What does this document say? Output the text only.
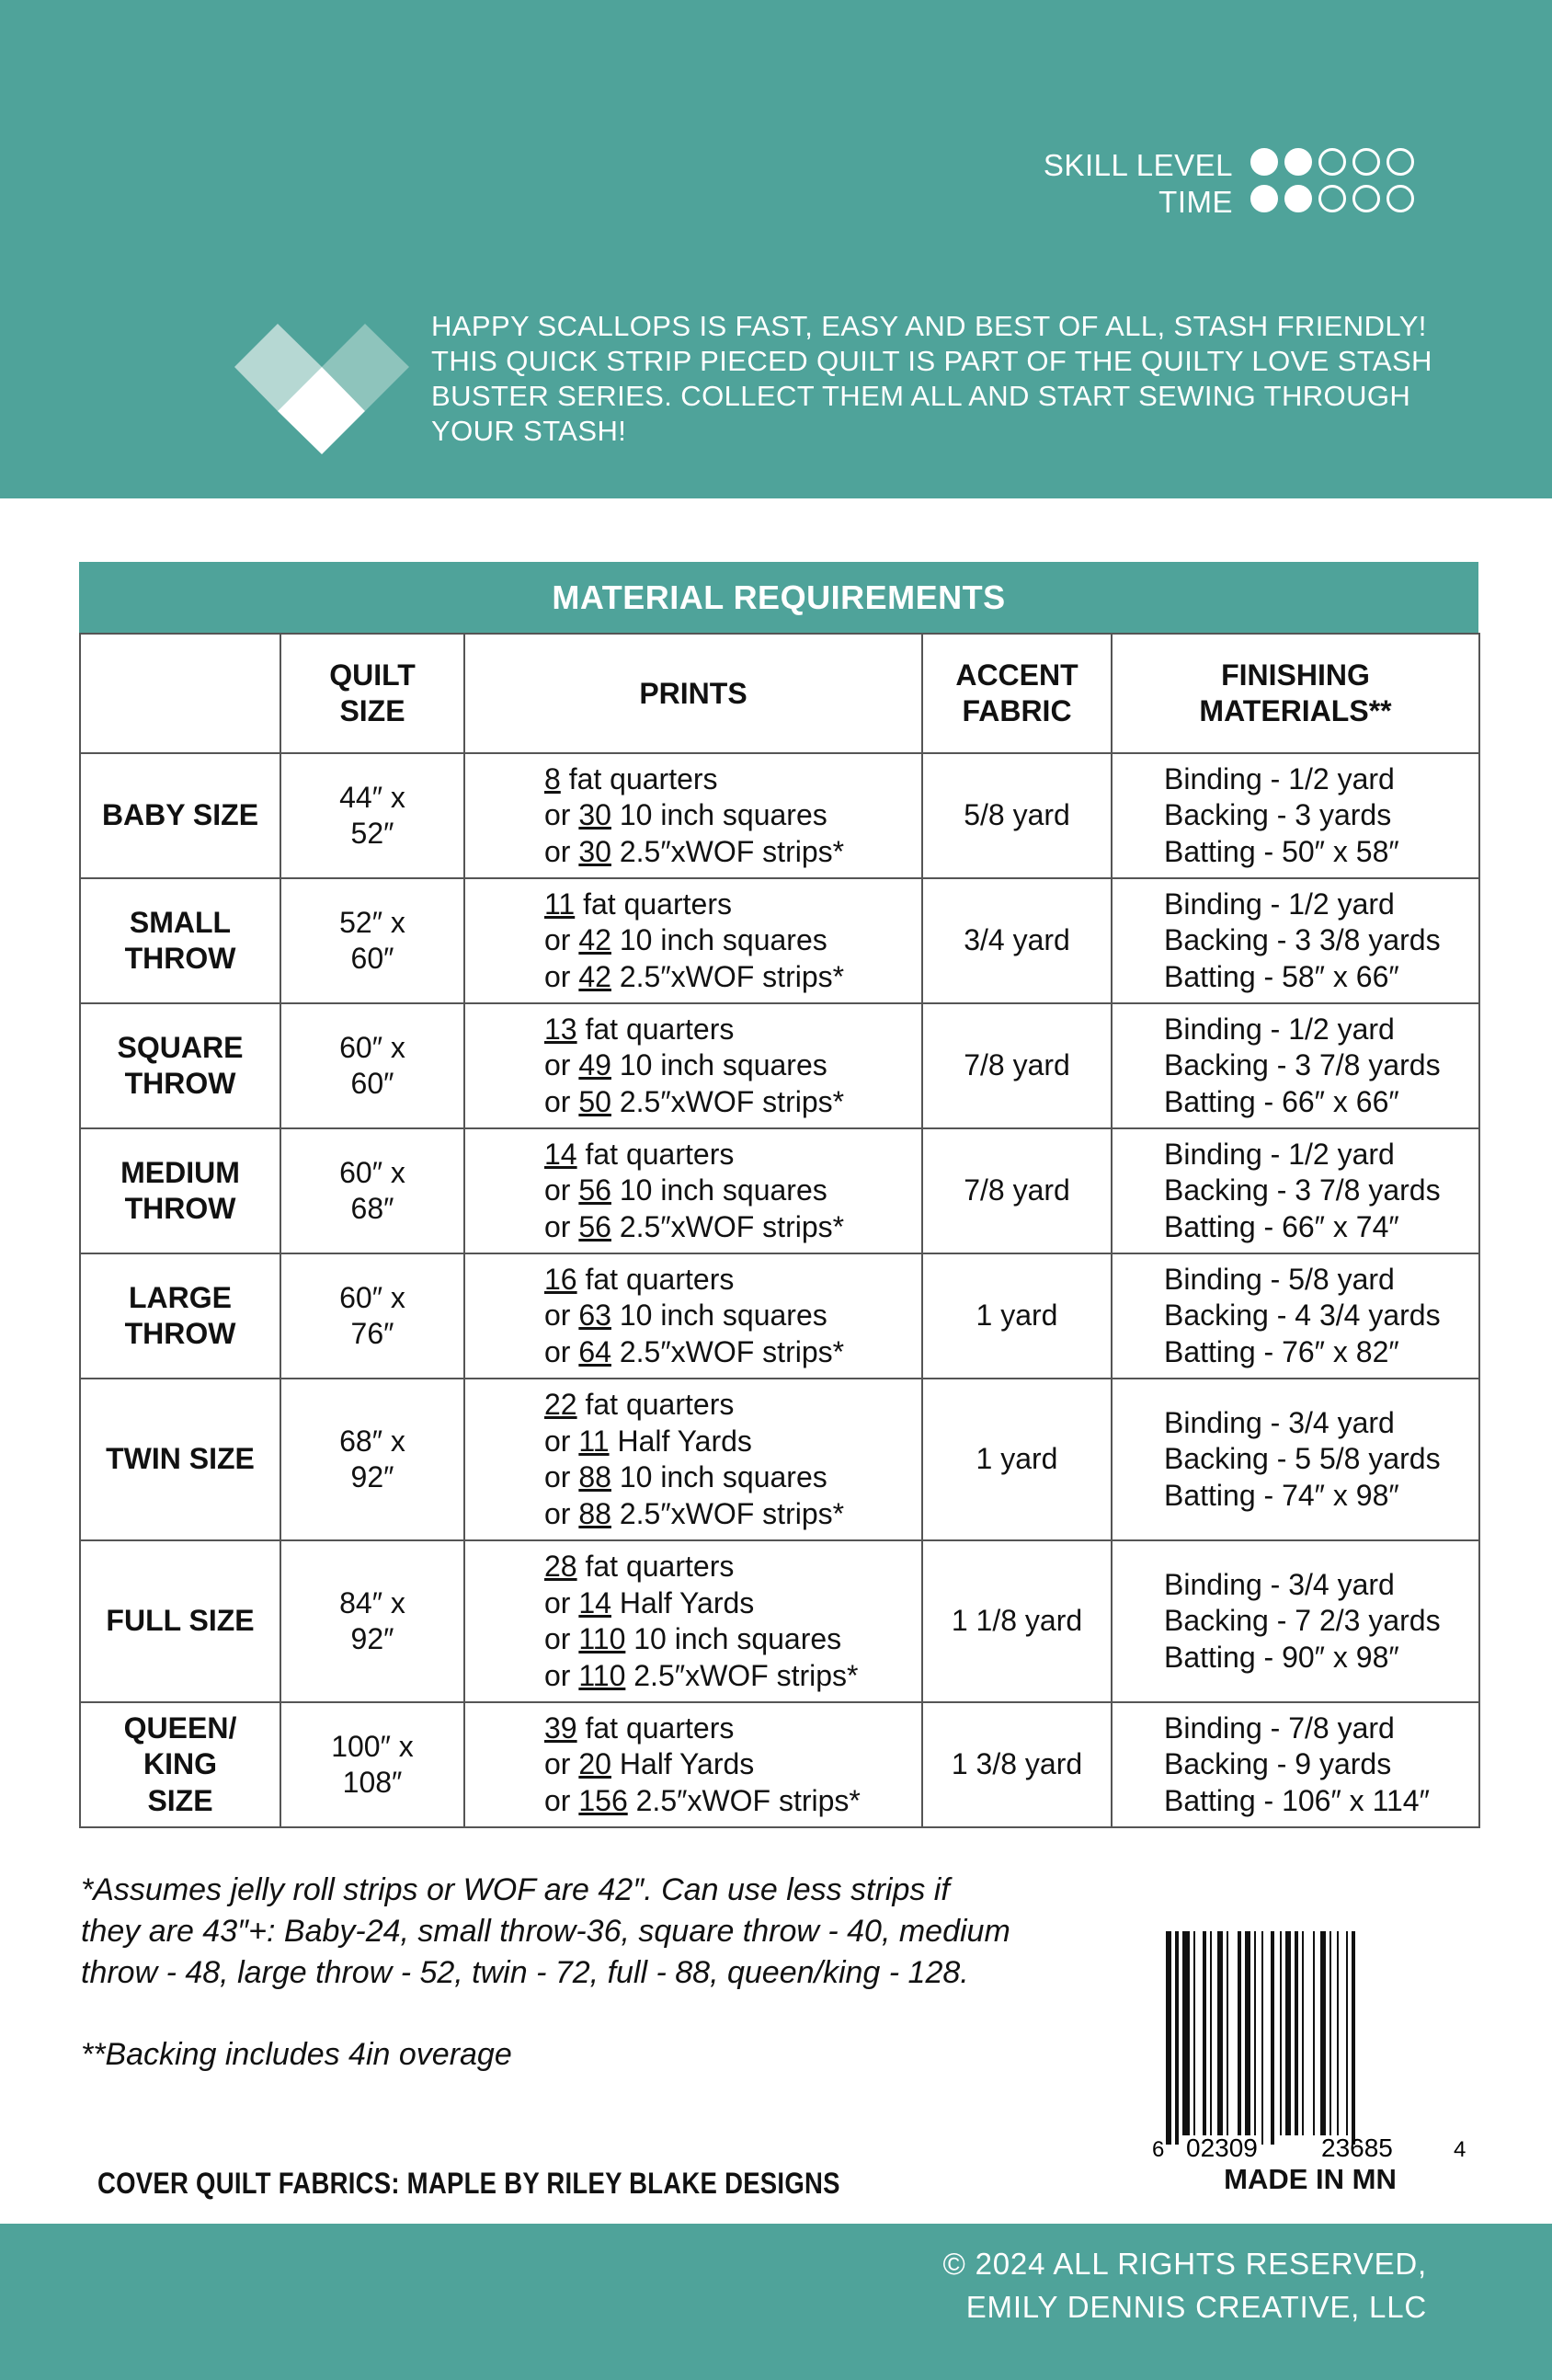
SKILL LEVEL
TIME
HAPPY SCALLOPS IS FAST, EASY AND BEST OF ALL, STASH FRIENDLY!
THIS QUICK STRIP PIECED QUILT IS PART OF THE QUILTY LOVE STASH
BUSTER SERIES. COLLECT THEM ALL AND START SEWING THROUGH
YOUR STASH!
MATERIAL REQUIREMENTS
	QUILT SIZE	PRINTS	ACCENT FABRIC	FINISHING MATERIALS**
BABY SIZE	44″ x 52″	8 fat quarters
or 30 10 inch squares
or 30 2.5″xWOF strips*	5/8 yard	Binding - 1/2 yard
Backing - 3 yards
Batting - 50″ x 58″

SMALL THROW	52″ x 60″	11 fat quarters
or 42 10 inch squares
or 42 2.5″xWOF strips*	3/4 yard	Binding - 1/2 yard
Backing - 3 3/8 yards
Batting - 58″ x 66″

SQUARE THROW	60″ x 60″	13 fat quarters
or 49 10 inch squares
or 50 2.5″xWOF strips*	7/8 yard	Binding - 1/2 yard
Backing - 3 7/8 yards
Batting - 66″ x 66″

MEDIUM THROW	60″ x 68″	14 fat quarters
or 56 10 inch squares
or 56 2.5″xWOF strips*	7/8 yard	Binding - 1/2 yard
Backing - 3 7/8 yards
Batting - 66″ x 74″

LARGE THROW	60″ x 76″	16 fat quarters
or 63 10 inch squares
or 64 2.5″xWOF strips*	1 yard	Binding - 5/8 yard
Backing - 4 3/4 yards
Batting - 76″ x 82″

TWIN SIZE	68″ x 92″	22 fat quarters
or 11 Half Yards
or 88 10 inch squares
or 88 2.5″xWOF strips*	1 yard	Binding - 3/4 yard
Backing - 5 5/8 yards
Batting - 74″ x 98″

FULL SIZE	84″ x 92″	28 fat quarters
or 14 Half Yards
or 110 10 inch squares
or 110 2.5″xWOF strips*	1 1/8 yard	Binding - 3/4 yard
Backing - 7 2/3 yards
Batting - 90″ x 98″

QUEEN/ KING SIZE	100″ x 108″	39 fat quarters
or 20 Half Yards
or 156 2.5″xWOF strips*	1 3/8 yard	Binding - 7/8 yard
Backing - 9 yards
Batting - 106″ x 114″
*Assumes jelly roll strips or WOF are 42″. Can use less strips if
they are 43″+: Baby-24, small throw-36, square throw - 40, medium
throw - 48, large throw - 52, twin - 72, full - 88, queen/king - 128.
**Backing includes 4in overage
COVER QUILT FABRICS: MAPLE BY RILEY BLAKE DESIGNS
6 02309 23685	4
MADE IN MN
© 2024 ALL RIGHTS RESERVED,
EMILY DENNIS CREATIVE, LLC
